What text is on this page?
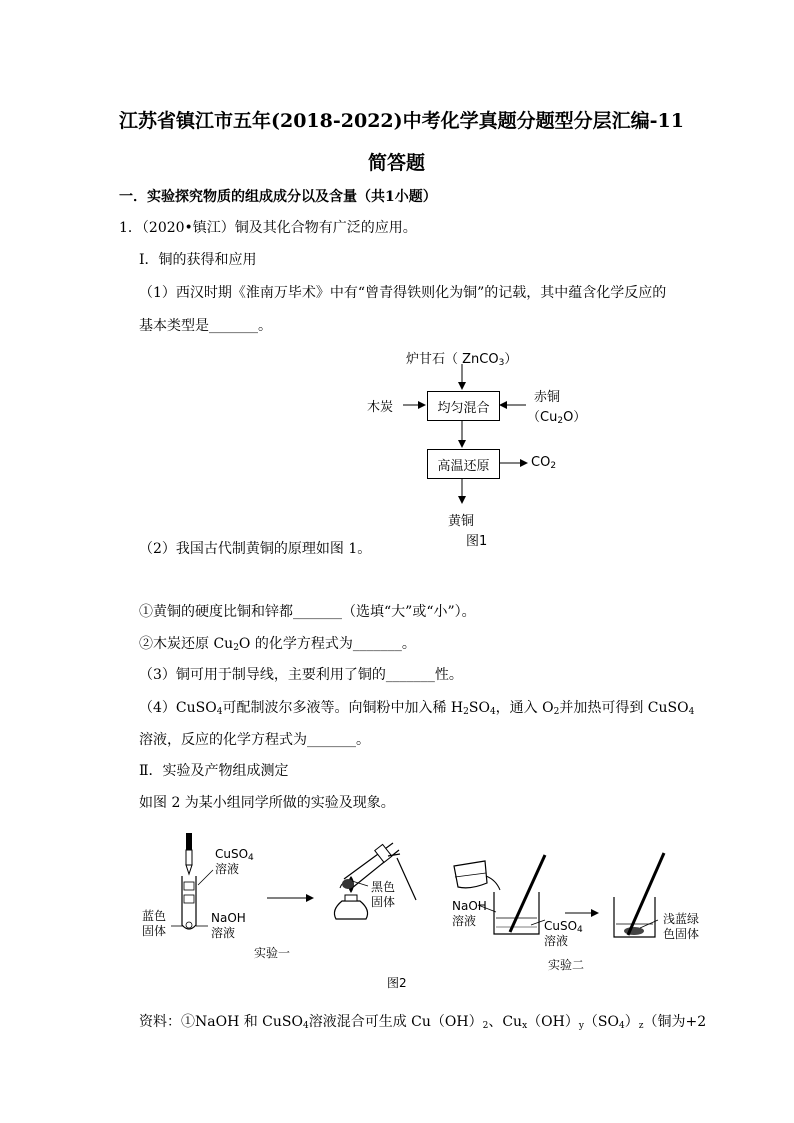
江苏省镇江市五年(2018-2022)中考化学真题分题型分层汇编-11
简答题
一．实验探究物质的组成成分以及含量（共1小题）
1．（2020•镇江）铜及其化合物有广泛的应用。
Ⅰ．铜的获得和应用
（1）西汉时期《淮南万毕术》中有“曾青得铁则化为铜”的记载，其中蕴含化学反应的
基本类型是_______。
炉甘石（ ZnCO$_3$）
木炭	均匀混合
赤铜
$(Cu_2O)$
高温还原	$CO_2$
黄铜
图1
（2）我国古代制黄铜的原理如图 1。
①黄铜的硬度比铜和锌都_______（选填“大”或“小”）。
②木炭还原 $Cu_2O$ 的化学方程式为_______。
（3）铜可用于制导线，主要利用了铜的_______性。
（4）CuSO$_4$可配制波尔多液等。向铜粉中加入稀 $H_2SO_4$，通入 $O_2$并加热可得到 CuSO$_4$
溶液，反应的化学方程式为_______。
Ⅱ．实验及产物组成测定
如图 2 为某小组同学所做的实验及现象。
CuSO$_4$
溶液
蓝色
固体
NaOH
溶液
黑色
固体
实验一
NaOH
溶液	CuSO$_4$
溶液
浅蓝绿
色固体
实验二
图2
资料：①NaOH 和 CuSO$_4$溶液混合可生成 $Cu(OH)_2$、$Cu_x(OH)_y(SO_4)_z$（铜为+2
